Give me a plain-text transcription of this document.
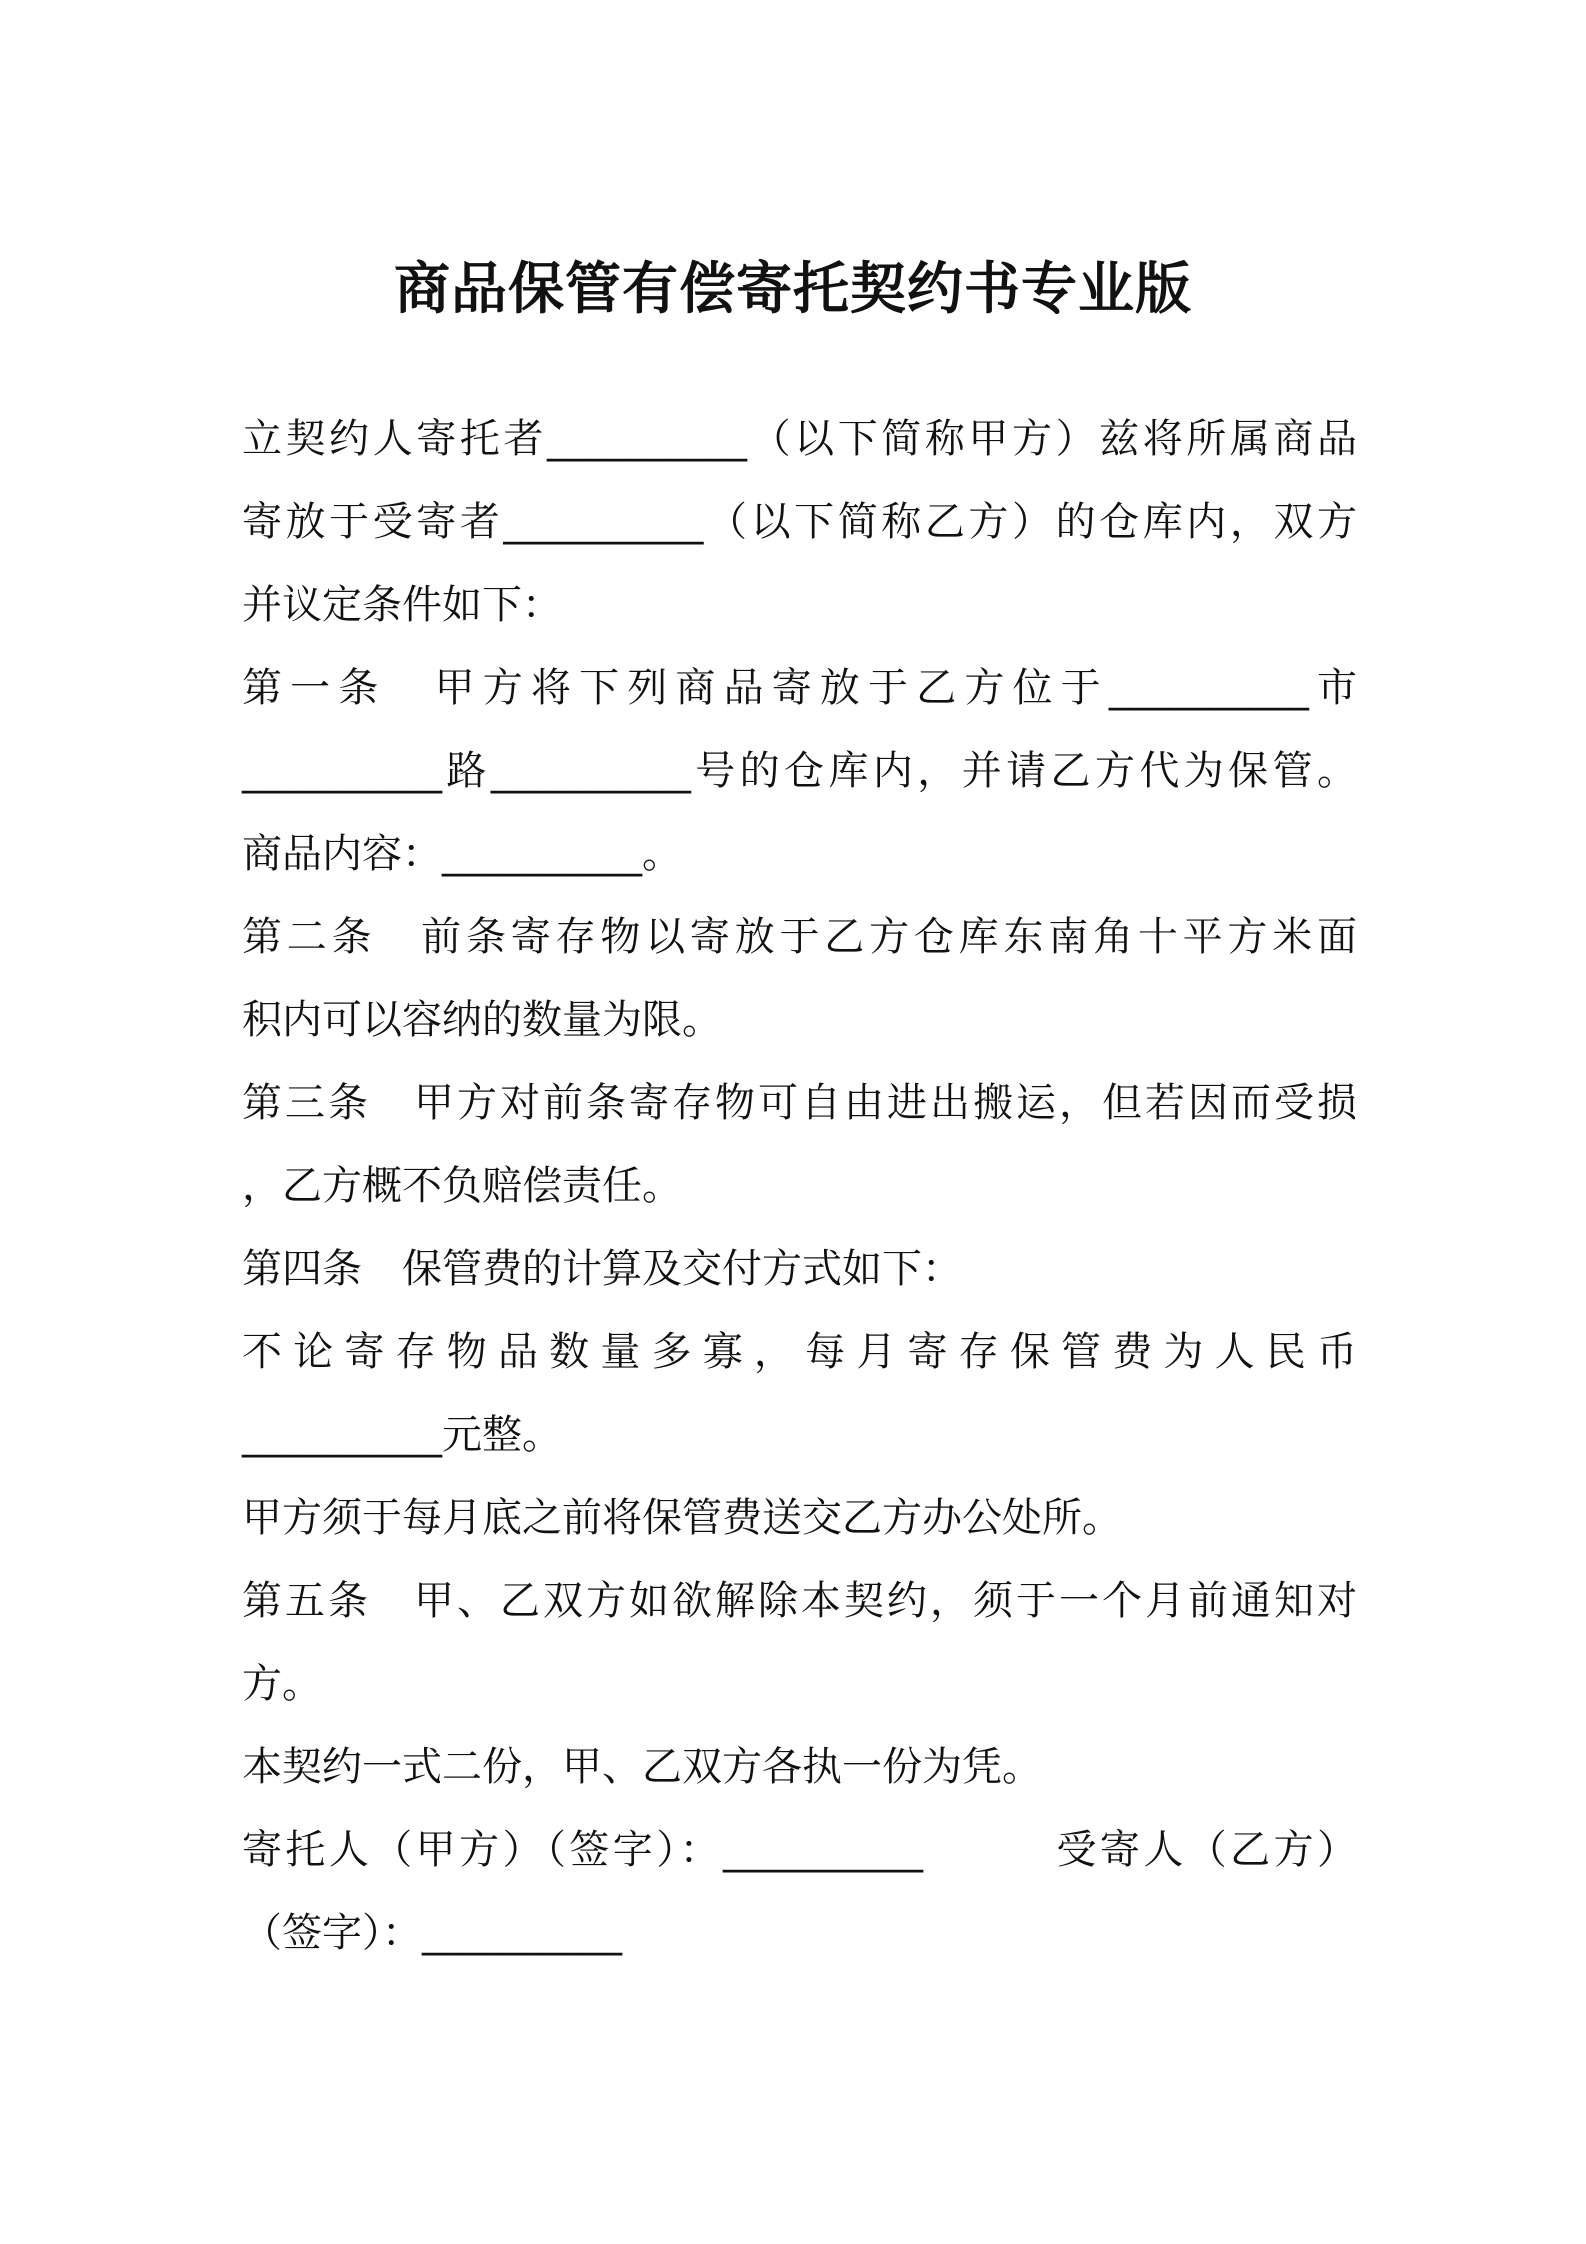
商品保管有偿寄托契约书专业版
立契约人寄托者__________（以下简称甲方）兹将所属商品
寄放于受寄者__________（以下简称乙方）的仓库内，双方
并议定条件如下：
第一条　甲方将下列商品寄放于乙方位于__________市
__________路__________号的仓库内，并请乙方代为保管。
商品内容：__________。
第二条　前条寄存物以寄放于乙方仓库东南角十平方米面
积内可以容纳的数量为限。
第三条　甲方对前条寄存物可自由进出搬运，但若因而受损
，乙方概不负赔偿责任。
第四条　保管费的计算及交付方式如下：
不论寄存物品数量多寡，每月寄存保管费为人民币
__________元整。
甲方须于每月底之前将保管费送交乙方办公处所。
第五条　甲、乙双方如欲解除本契约，须于一个月前通知对
方。
本契约一式二份，甲、乙双方各执一份为凭。
寄托人（甲方）（签字）：__________	受寄人（乙方）
（签字）：__________
